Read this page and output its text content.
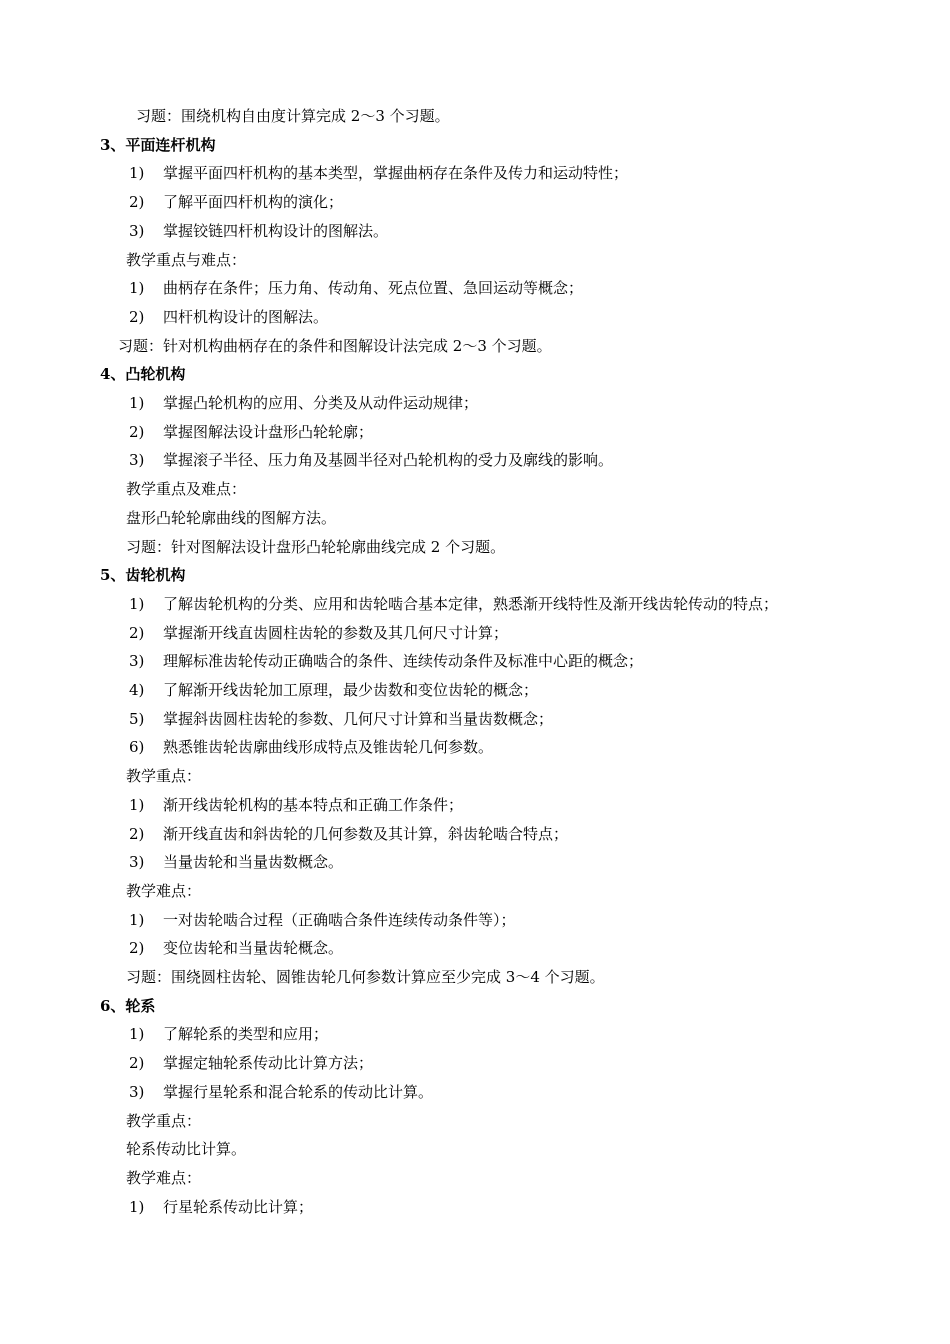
习题：围绕机构自由度计算完成 2～3 个习题。
3、平面连杆机构
1) 掌握平面四杆机构的基本类型，掌握曲柄存在条件及传力和运动特性；
2) 了解平面四杆机构的演化；
3) 掌握铰链四杆机构设计的图解法。
教学重点与难点：
1) 曲柄存在条件；压力角、传动角、死点位置、急回运动等概念；
2) 四杆机构设计的图解法。
习题：针对机构曲柄存在的条件和图解设计法完成 2～3 个习题。
4、凸轮机构
1) 掌握凸轮机构的应用、分类及从动件运动规律；
2) 掌握图解法设计盘形凸轮轮廓；
3) 掌握滚子半径、压力角及基圆半径对凸轮机构的受力及廓线的影响。
教学重点及难点：
盘形凸轮轮廓曲线的图解方法。
习题：针对图解法设计盘形凸轮轮廓曲线完成 2 个习题。
5、齿轮机构
1) 了解齿轮机构的分类、应用和齿轮啮合基本定律，熟悉渐开线特性及渐开线齿轮传动的特点；
2) 掌握渐开线直齿圆柱齿轮的参数及其几何尺寸计算；
3) 理解标准齿轮传动正确啮合的条件、连续传动条件及标准中心距的概念；
4) 了解渐开线齿轮加工原理，最少齿数和变位齿轮的概念；
5) 掌握斜齿圆柱齿轮的参数、几何尺寸计算和当量齿数概念；
6) 熟悉锥齿轮齿廓曲线形成特点及锥齿轮几何参数。
教学重点：
1) 渐开线齿轮机构的基本特点和正确工作条件；
2) 渐开线直齿和斜齿轮的几何参数及其计算，斜齿轮啮合特点；
3) 当量齿轮和当量齿数概念。
教学难点：
1) 一对齿轮啮合过程（正确啮合条件连续传动条件等）；
2) 变位齿轮和当量齿轮概念。
习题：围绕圆柱齿轮、圆锥齿轮几何参数计算应至少完成 3～4 个习题。
6、轮系
1) 了解轮系的类型和应用；
2) 掌握定轴轮系传动比计算方法；
3) 掌握行星轮系和混合轮系的传动比计算。
教学重点：
轮系传动比计算。
教学难点：
1) 行星轮系传动比计算；
